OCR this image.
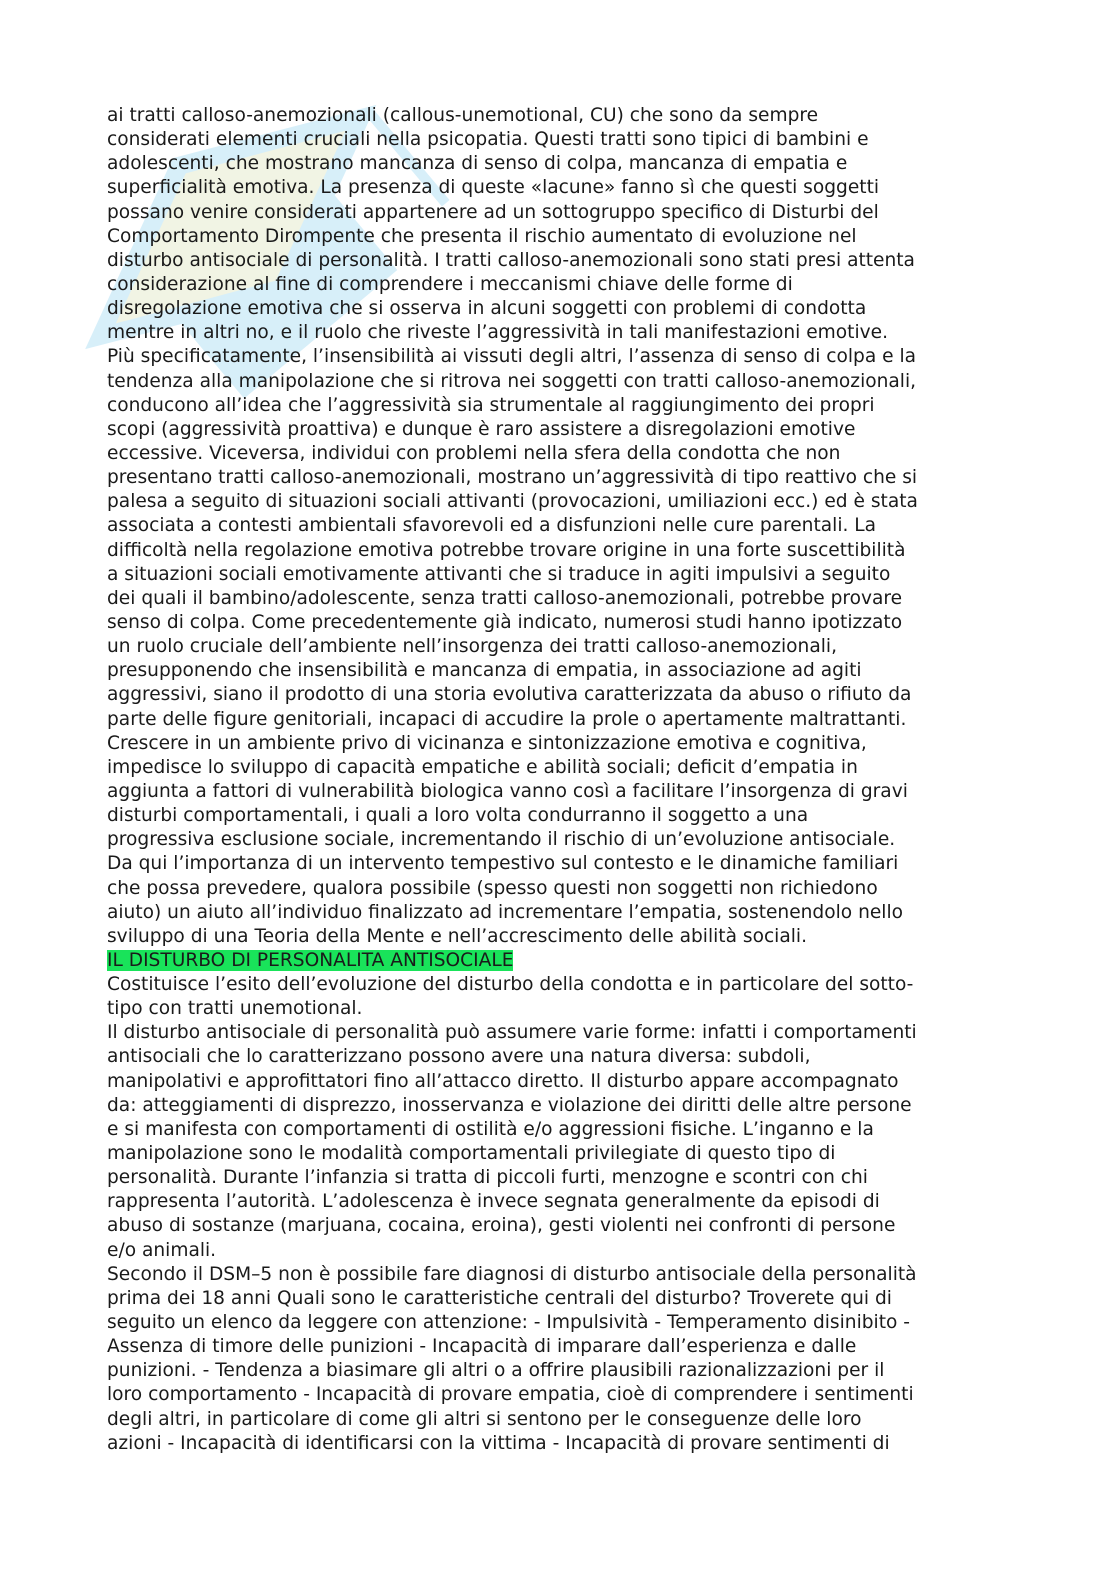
ai tratti calloso-anemozionali (callous-unemotional, CU) che sono da sempre
considerati elementi cruciali nella psicopatia. Questi tratti sono tipici di bambini e
adolescenti, che mostrano mancanza di senso di colpa, mancanza di empatia e
superficialità emotiva. La presenza di queste «lacune» fanno sì che questi soggetti
possano venire considerati appartenere ad un sottogruppo specifico di Disturbi del
Comportamento Dirompente che presenta il rischio aumentato di evoluzione nel
disturbo antisociale di personalità. I tratti calloso-anemozionali sono stati presi attenta
considerazione al fine di comprendere i meccanismi chiave delle forme di
disregolazione emotiva che si osserva in alcuni soggetti con problemi di condotta
mentre in altri no, e il ruolo che riveste l’aggressività in tali manifestazioni emotive.
Più specificatamente, l’insensibilità ai vissuti degli altri, l’assenza di senso di colpa e la
tendenza alla manipolazione che si ritrova nei soggetti con tratti calloso-anemozionali,
conducono all’idea che l’aggressività sia strumentale al raggiungimento dei propri
scopi (aggressività proattiva) e dunque è raro assistere a disregolazioni emotive
eccessive. Viceversa, individui con problemi nella sfera della condotta che non
presentano tratti calloso-anemozionali, mostrano un’aggressività di tipo reattivo che si
palesa a seguito di situazioni sociali attivanti (provocazioni, umiliazioni ecc.) ed è stata
associata a contesti ambientali sfavorevoli ed a disfunzioni nelle cure parentali. La
difficoltà nella regolazione emotiva potrebbe trovare origine in una forte suscettibilità
a situazioni sociali emotivamente attivanti che si traduce in agiti impulsivi a seguito
dei quali il bambino/adolescente, senza tratti calloso-anemozionali, potrebbe provare
senso di colpa. Come precedentemente già indicato, numerosi studi hanno ipotizzato
un ruolo cruciale dell’ambiente nell’insorgenza dei tratti calloso-anemozionali,
presupponendo che insensibilità e mancanza di empatia, in associazione ad agiti
aggressivi, siano il prodotto di una storia evolutiva caratterizzata da abuso o rifiuto da
parte delle figure genitoriali, incapaci di accudire la prole o apertamente maltrattanti.
Crescere in un ambiente privo di vicinanza e sintonizzazione emotiva e cognitiva,
impedisce lo sviluppo di capacità empatiche e abilità sociali; deficit d’empatia in
aggiunta a fattori di vulnerabilità biologica vanno così a facilitare l’insorgenza di gravi
disturbi comportamentali, i quali a loro volta condurranno il soggetto a una
progressiva esclusione sociale, incrementando il rischio di un’evoluzione antisociale.
Da qui l’importanza di un intervento tempestivo sul contesto e le dinamiche familiari
che possa prevedere, qualora possibile (spesso questi non soggetti non richiedono
aiuto) un aiuto all’individuo finalizzato ad incrementare l’empatia, sostenendolo nello
sviluppo di una Teoria della Mente e nell’accrescimento delle abilità sociali.
IL DISTURBO DI PERSONALITA ANTISOCIALE
Costituisce l’esito dell’evoluzione del disturbo della condotta e in particolare del sotto-
tipo con tratti unemotional.
Il disturbo antisociale di personalità può assumere varie forme: infatti i comportamenti
antisociali che lo caratterizzano possono avere una natura diversa: subdoli,
manipolativi e approfittatori fino all’attacco diretto. Il disturbo appare accompagnato
da: atteggiamenti di disprezzo, inosservanza e violazione dei diritti delle altre persone
e si manifesta con comportamenti di ostilità e/o aggressioni fisiche. L’inganno e la
manipolazione sono le modalità comportamentali privilegiate di questo tipo di
personalità. Durante l’infanzia si tratta di piccoli furti, menzogne e scontri con chi
rappresenta l’autorità. L’adolescenza è invece segnata generalmente da episodi di
abuso di sostanze (marjuana, cocaina, eroina), gesti violenti nei confronti di persone
e/o animali.
Secondo il DSM–5 non è possibile fare diagnosi di disturbo antisociale della personalità
prima dei 18 anni Quali sono le caratteristiche centrali del disturbo? Troverete qui di
seguito un elenco da leggere con attenzione: - Impulsività - Temperamento disinibito -
Assenza di timore delle punizioni - Incapacità di imparare dall’esperienza e dalle
punizioni. - Tendenza a biasimare gli altri o a offrire plausibili razionalizzazioni per il
loro comportamento - Incapacità di provare empatia, cioè di comprendere i sentimenti
degli altri, in particolare di come gli altri si sentono per le conseguenze delle loro
azioni - Incapacità di identificarsi con la vittima - Incapacità di provare sentimenti di
